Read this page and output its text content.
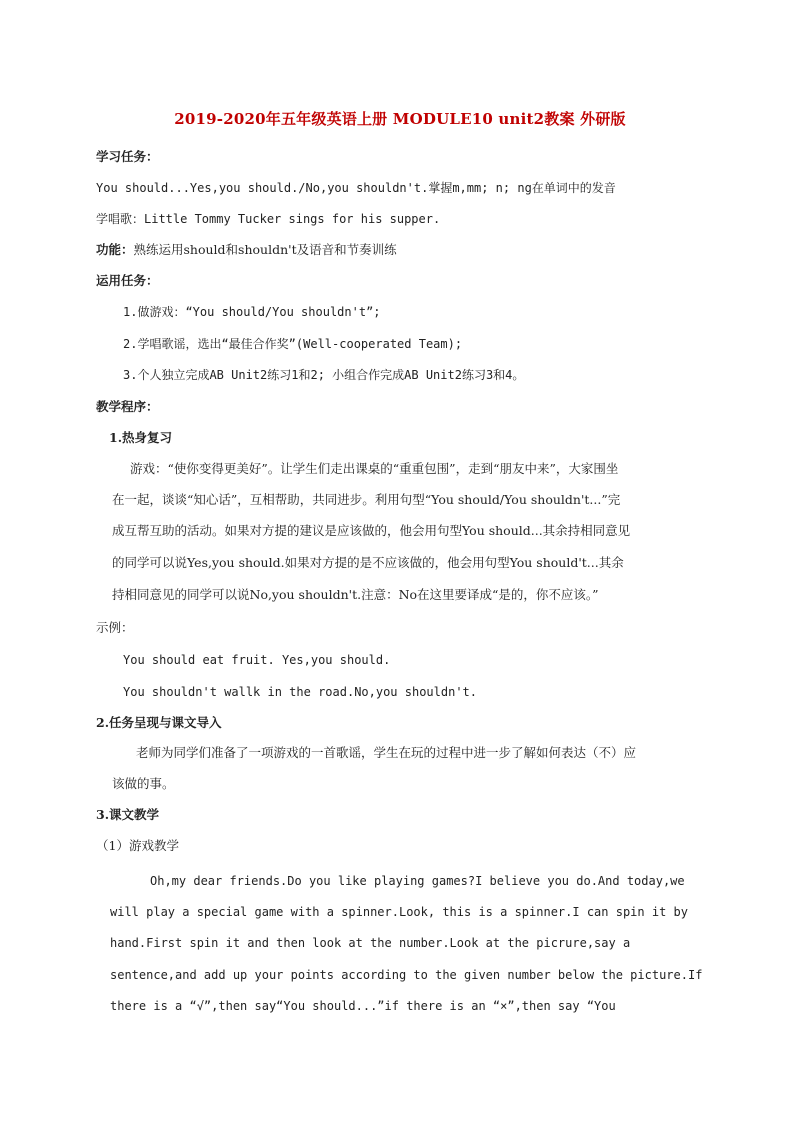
2019-2020年五年级英语上册 MODULE10 unit2教案 外研版
学习任务：
You should...Yes,you should./No,you shouldn't.掌握m,mm; n; ng在单词中的发音
学唱歌：Little Tommy Tucker sings for his supper.
功能：熟练运用should和shouldn't及语音和节奏训练
运用任务：
1.做游戏：“You should/You shouldn't”;
2.学唱歌谣，选出“最佳合作奖”(Well-cooperated Team);
3.个人独立完成AB Unit2练习1和2; 小组合作完成AB Unit2练习3和4。
教学程序：
1.热身复习
游戏：“使你变得更美好”。让学生们走出课桌的“重重包围”，走到“朋友中来”，大家围坐
在一起，谈谈“知心话”，互相帮助，共同进步。利用句型“You should/You shouldn't...”完
成互帮互助的活动。如果对方提的建议是应该做的，他会用句型You should...其余持相同意见
的同学可以说Yes,you should.如果对方提的是不应该做的，他会用句型You should't...其余
持相同意见的同学可以说No,you shouldn't.注意：No在这里要译成“是的，你不应该。”
示例：
You should eat fruit. Yes,you should.
You shouldn't wallk in the road.No,you shouldn't.
2.任务呈现与课文导入
老师为同学们准备了一项游戏的一首歌谣，学生在玩的过程中进一步了解如何表达（不）应
该做的事。
3.课文教学
（1）游戏教学
Oh,my dear friends.Do you like playing games?I believe you do.And today,we
will play a special game with a spinner.Look, this is a spinner.I can spin it by
hand.First spin it and then look at the number.Look at the picrure,say a
sentence,and add up your points according to the given number below the picture.If
there is a “√”,then say“You should...”if there is an “×”,then say “You
